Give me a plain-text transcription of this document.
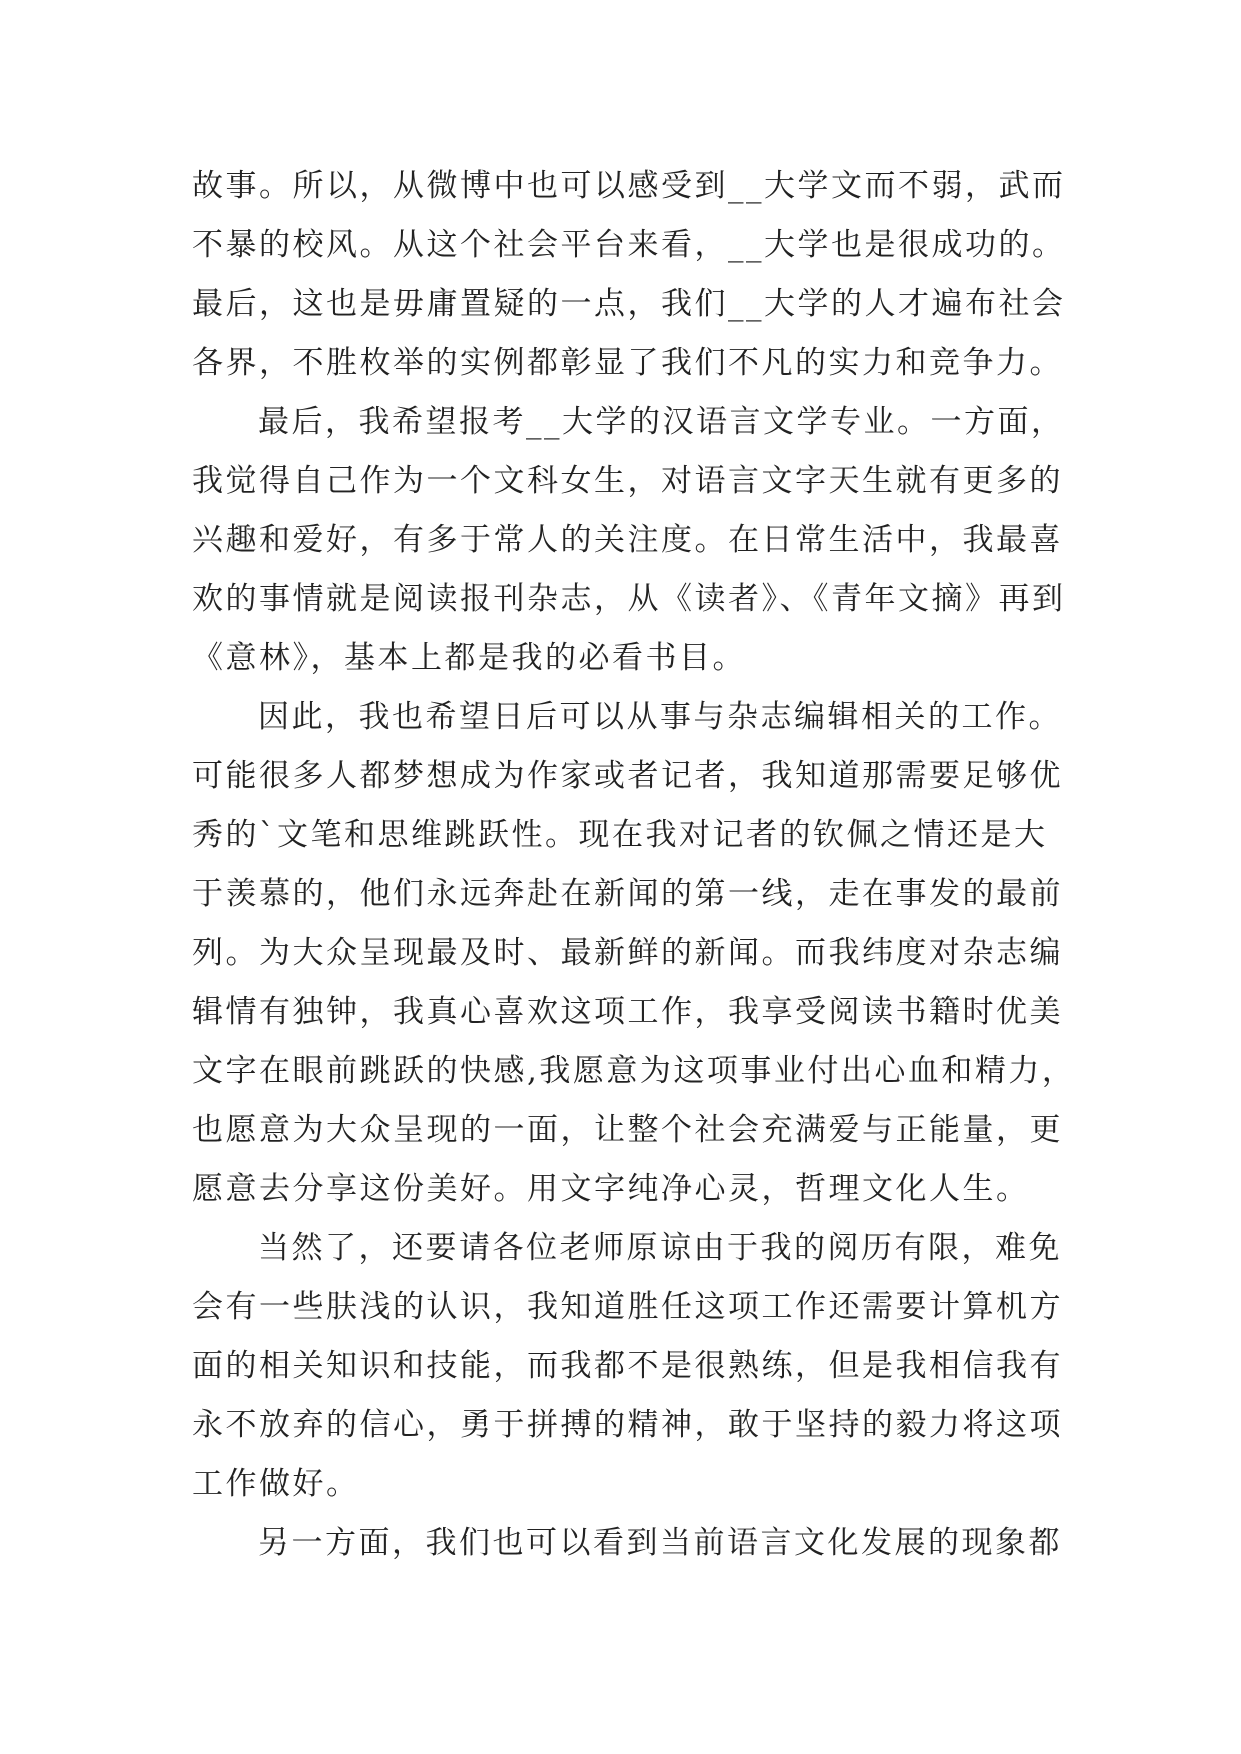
故事。所以，从微博中也可以感受到__大学文而不弱，武而
不暴的校风。从这个社会平台来看，__大学也是很成功的。
最后，这也是毋庸置疑的一点，我们__大学的人才遍布社会
各界，不胜枚举的实例都彰显了我们不凡的实力和竞争力。
最后，我希望报考__大学的汉语言文学专业。一方面，
我觉得自己作为一个文科女生，对语言文字天生就有更多的
兴趣和爱好，有多于常人的关注度。在日常生活中，我最喜
欢的事情就是阅读报刊杂志，从《读者》、《青年文摘》再到
《意林》，基本上都是我的必看书目。
因此，我也希望日后可以从事与杂志编辑相关的工作。
可能很多人都梦想成为作家或者记者，我知道那需要足够优
秀的`文笔和思维跳跃性。现在我对记者的钦佩之情还是大
于羡慕的，他们永远奔赴在新闻的第一线，走在事发的最前
列。为大众呈现最及时、最新鲜的新闻。而我纬度对杂志编
辑情有独钟，我真心喜欢这项工作，我享受阅读书籍时优美
文字在眼前跳跃的快感,我愿意为这项事业付出心血和精力，
也愿意为大众呈现的一面，让整个社会充满爱与正能量，更
愿意去分享这份美好。用文字纯净心灵，哲理文化人生。
当然了，还要请各位老师原谅由于我的阅历有限，难免
会有一些肤浅的认识，我知道胜任这项工作还需要计算机方
面的相关知识和技能，而我都不是很熟练，但是我相信我有
永不放弃的信心，勇于拼搏的精神，敢于坚持的毅力将这项
工作做好。
另一方面，我们也可以看到当前语言文化发展的现象都
